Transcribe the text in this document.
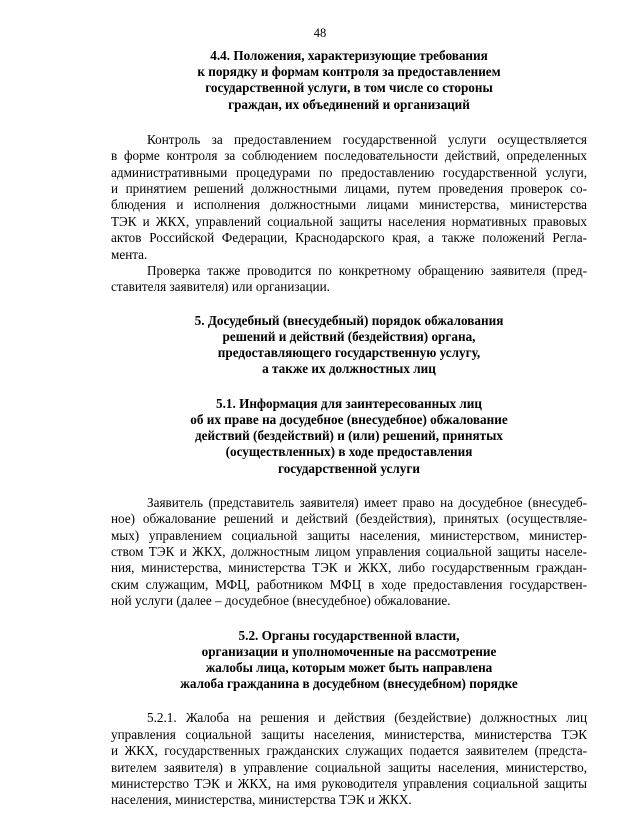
48
4.4. Положения, характеризующие требования
к порядку и формам контроля за предоставлением
государственной услуги, в том числе со стороны
граждан, их объединений и организаций
Контроль за предоставлением государственной услуги осуществляется
в форме контроля за соблюдением последовательности действий, определенных
административными процедурами по предоставлению государственной услуги,
и принятием решений должностными лицами, путем проведения проверок со-
блюдения и исполнения должностными лицами министерства, министерства
ТЭК и ЖКХ, управлений социальной защиты населения нормативных правовых
актов Российской Федерации, Краснодарского края, а также положений Регла-
мента.
Проверка также проводится по конкретному обращению заявителя (пред-
ставителя заявителя) или организации.
5. Досудебный (внесудебный) порядок обжалования
решений и действий (бездействия) органа,
предоставляющего государственную услугу,
а также их должностных лиц
5.1. Информация для заинтересованных лиц
об их праве на досудебное (внесудебное) обжалование
действий (бездействий) и (или) решений, принятых
(осуществленных) в ходе предоставления
государственной услуги
Заявитель (представитель заявителя) имеет право на досудебное (внесудеб-
ное) обжалование решений и действий (бездействия), принятых (осуществляе-
мых) управлением социальной защиты населения, министерством, министер-
ством ТЭК и ЖКХ, должностным лицом управления социальной защиты населе-
ния, министерства, министерства ТЭК и ЖКХ, либо государственным граждан-
ским служащим, МФЦ, работником МФЦ в ходе предоставления государствен-
ной услуги (далее – досудебное (внесудебное) обжалование.
5.2. Органы государственной власти,
организации и уполномоченные на рассмотрение
жалобы лица, которым может быть направлена
жалоба гражданина в досудебном (внесудебном) порядке
5.2.1. Жалоба на решения и действия (бездействие) должностных лиц
управления социальной защиты населения, министерства, министерства ТЭК
и ЖКХ, государственных гражданских служащих подается заявителем (предста-
вителем заявителя) в управление социальной защиты населения, министерство,
министерство ТЭК и ЖКХ, на имя руководителя управления социальной защиты
населения, министерства, министерства ТЭК и ЖКХ.
